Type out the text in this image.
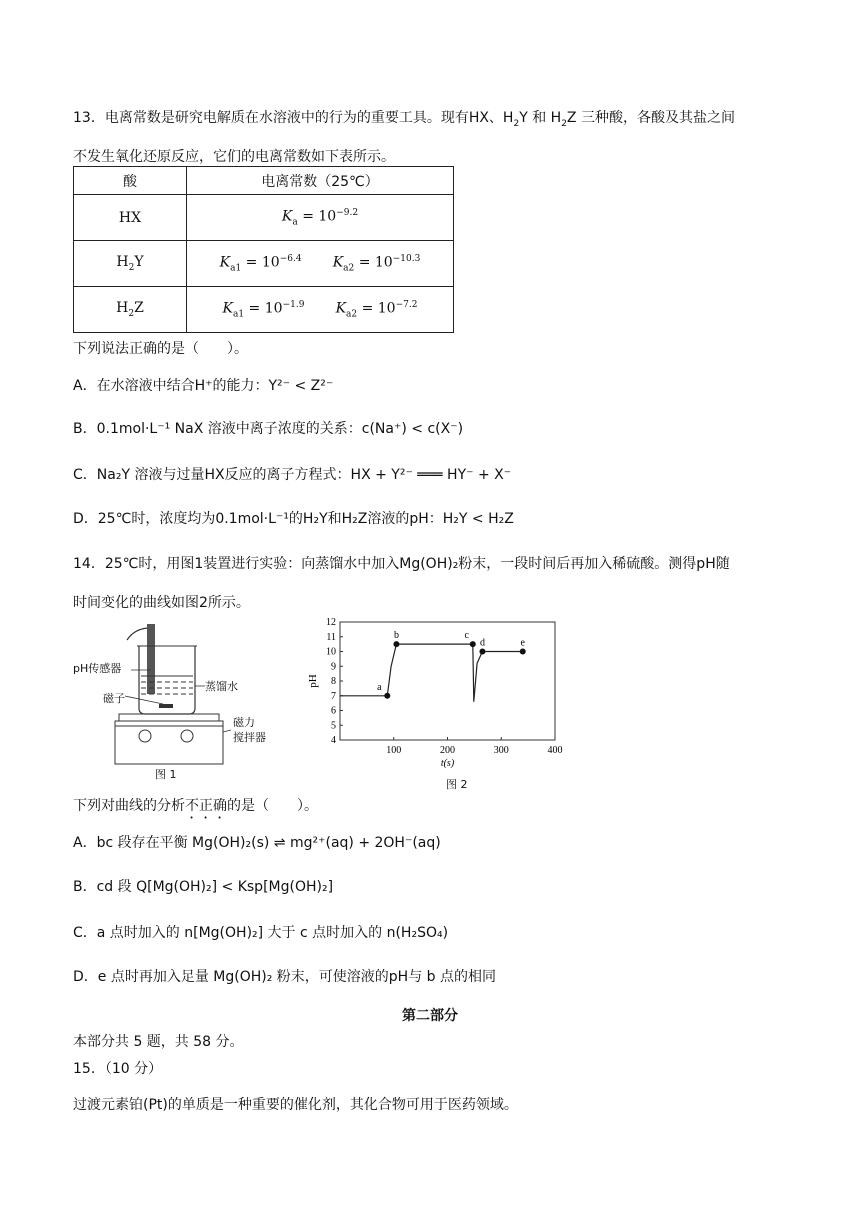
13．电离常数是研究电解质在水溶液中的行为的重要工具。现有HX、$H_2Y$ 和 $H_2Z$ 三种酸，各酸及其盐之间
不发生氧化还原反应，它们的电离常数如下表所示。
酸	电离常数（25℃）
HX	$K_a = 10^{-9.2}$
$H_2Y$	$K_{a1} = 10^{-6.4}$ $K_{a2} = 10^{-10.3}$
$H_2Z$	$K_{a1} = 10^{-1.9}$ $K_{a2} = 10^{-7.2}$
下列说法正确的是（　　）。
A．在水溶液中结合H⁺的能力：Y²⁻ < Z²⁻
B．0.1mol·L⁻¹ NaX 溶液中离子浓度的关系：c(Na⁺) < c(X⁻)
C．Na₂Y 溶液与过量HX反应的离子方程式：HX + Y²⁻ ═══ HY⁻ + X⁻
D．25℃时，浓度均为0.1mol·L⁻¹的H₂Y和H₂Z溶液的pH：H₂Y < H₂Z
14．25℃时，用图1装置进行实验：向蒸馏水中加入Mg(OH)₂粉末，一段时间后再加入稀硫酸。测得pH随
时间变化的曲线如图2所示。
pH传感器
蒸馏水
磁子
磁力
搅拌器
图 1
4
5
6
7
8
9
10
11
12
100	200	300	400
t(s)
pH	a
b	c
d	e
图 2
下列对曲线的分析不正确的是（　　）。
A．bc 段存在平衡 Mg(OH)₂(s) ⇌ mg²⁺(aq) + 2OH⁻(aq)
B．cd 段 Q[Mg(OH)₂] < Ksp[Mg(OH)₂]
C．a 点时加入的 n[Mg(OH)₂] 大于 c 点时加入的 n(H₂SO₄)
D．e 点时再加入足量 Mg(OH)₂ 粉末，可使溶液的pH与 b 点的相同
第二部分
本部分共 5 题，共 58 分。
15．（10 分）
过渡元素铂(Pt)的单质是一种重要的催化剂，其化合物可用于医药领域。
